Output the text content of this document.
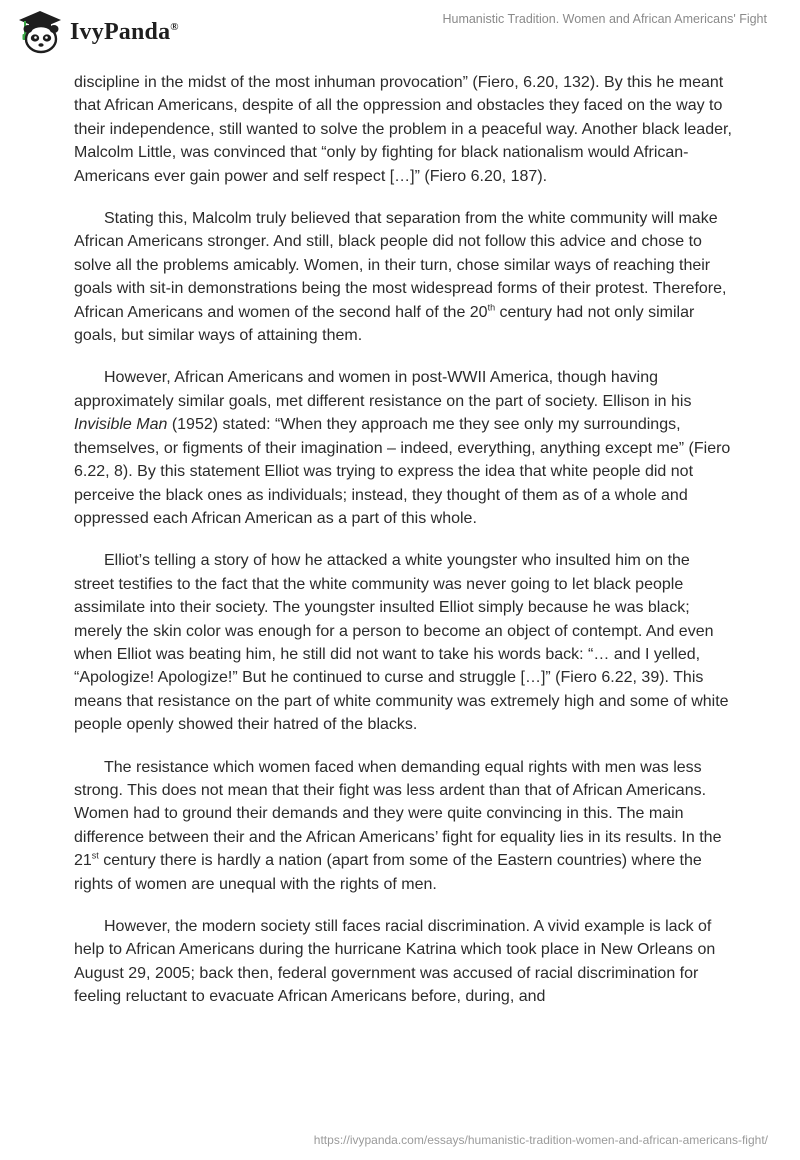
IvyPanda®
Humanistic Tradition. Women and African Americans' Fight

discipline in the midst of the most inhuman provocation” (Fiero, 6.20, 132). By this he meant that African Americans, despite of all the oppression and obstacles they faced on the way to their independence, still wanted to solve the problem in a peaceful way. Another black leader, Malcolm Little, was convinced that “only by fighting for black nationalism would African-Americans ever gain power and self respect […]” (Fiero 6.20, 187).

Stating this, Malcolm truly believed that separation from the white community will make African Americans stronger. And still, black people did not follow this advice and chose to solve all the problems amicably. Women, in their turn, chose similar ways of reaching their goals with sit-in demonstrations being the most widespread forms of their protest. Therefore, African Americans and women of the second half of the 20th century had not only similar goals, but similar ways of attaining them.

However, African Americans and women in post-WWII America, though having approximately similar goals, met different resistance on the part of society. Ellison in his Invisible Man (1952) stated: “When they approach me they see only my surroundings, themselves, or figments of their imagination – indeed, everything, anything except me” (Fiero 6.22, 8). By this statement Elliot was trying to express the idea that white people did not perceive the black ones as individuals; instead, they thought of them as of a whole and oppressed each African American as a part of this whole.

Elliot’s telling a story of how he attacked a white youngster who insulted him on the street testifies to the fact that the white community was never going to let black people assimilate into their society. The youngster insulted Elliot simply because he was black; merely the skin color was enough for a person to become an object of contempt. And even when Elliot was beating him, he still did not want to take his words back: “… and I yelled, “Apologize! Apologize!” But he continued to curse and struggle […]” (Fiero 6.22, 39). This means that resistance on the part of white community was extremely high and some of white people openly showed their hatred of the blacks.

The resistance which women faced when demanding equal rights with men was less strong. This does not mean that their fight was less ardent than that of African Americans. Women had to ground their demands and they were quite convincing in this. The main difference between their and the African Americans’ fight for equality lies in its results. In the 21st century there is hardly a nation (apart from some of the Eastern countries) where the rights of women are unequal with the rights of men.

However, the modern society still faces racial discrimination. A vivid example is lack of help to African Americans during the hurricane Katrina which took place in New Orleans on August 29, 2005; back then, federal government was accused of racial discrimination for feeling reluctant to evacuate African Americans before, during, and

https://ivypanda.com/essays/humanistic-tradition-women-and-african-americans-fight/
